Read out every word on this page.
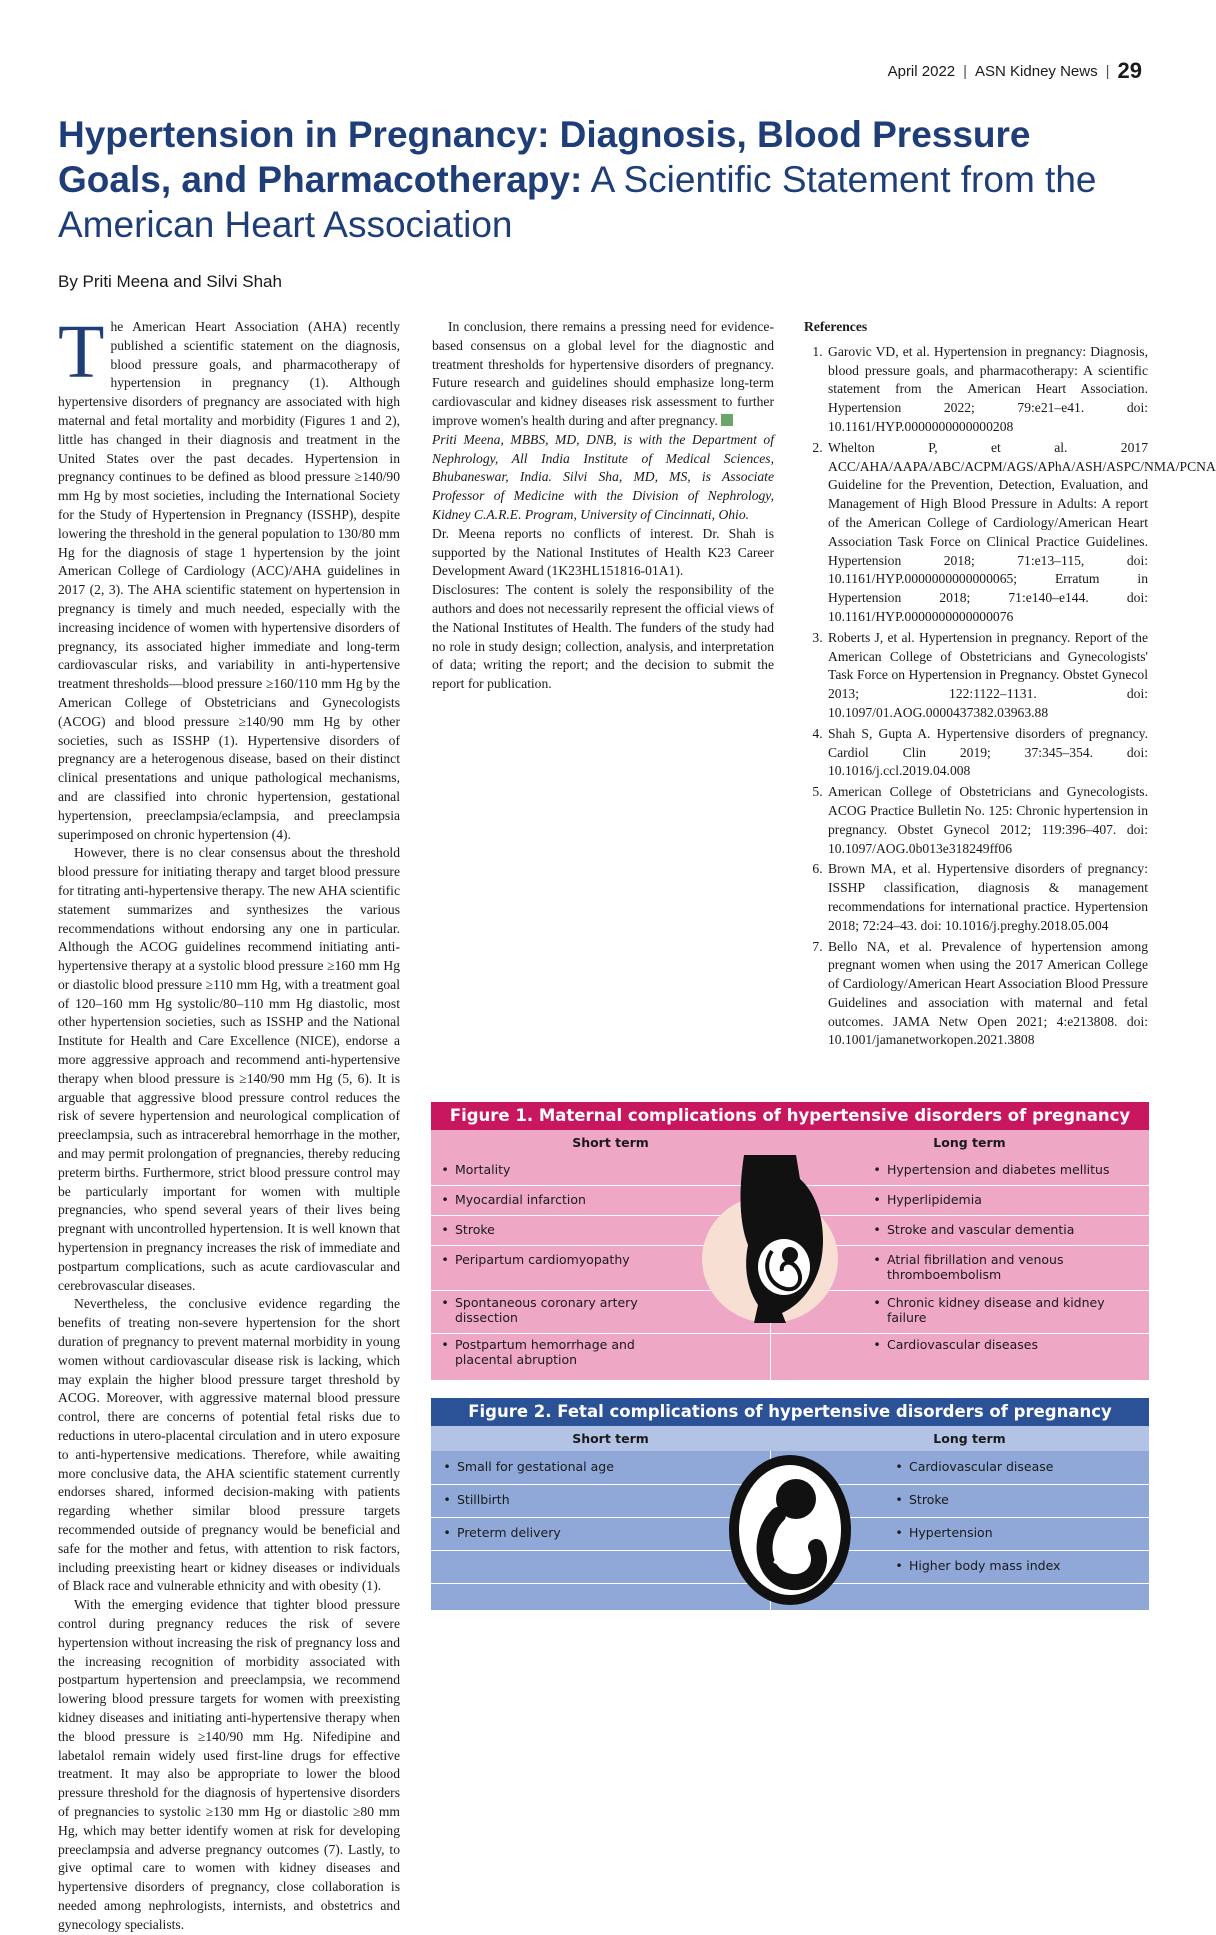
April 2022 | ASN Kidney News | 29
Hypertension in Pregnancy: Diagnosis, Blood Pressure Goals, and Pharmacotherapy: A Scientific Statement from the American Heart Association
By Priti Meena and Silvi Shah

The American Heart Association (AHA) recently published a scientific statement on the diagnosis, blood pressure goals, and pharmacotherapy of hypertension in pregnancy (1). Although hypertensive disorders of pregnancy are associated with high maternal and fetal mortality and morbidity (Figures 1 and 2), little has changed in their diagnosis and treatment in the United States over the past decades. Hypertension in pregnancy continues to be defined as blood pressure ≥140/90 mm Hg by most societies, including the International Society for the Study of Hypertension in Pregnancy (ISSHP), despite lowering the threshold in the general population to 130/80 mm Hg for the diagnosis of stage 1 hypertension by the joint American College of Cardiology (ACC)/AHA guidelines in 2017 (2, 3). The AHA scientific statement on hypertension in pregnancy is timely and much needed, especially with the increasing incidence of women with hypertensive disorders of pregnancy, its associated higher immediate and long-term cardiovascular risks, and variability in anti-hypertensive treatment thresholds—blood pressure ≥160/110 mm Hg by the American College of Obstetricians and Gynecologists (ACOG) and blood pressure ≥140/90 mm Hg by other societies, such as ISSHP (1). Hypertensive disorders of pregnancy are a heterogenous disease, based on their distinct clinical presentations and unique pathological mechanisms, and are classified into chronic hypertension, gestational hypertension, preeclampsia/eclampsia, and preeclampsia superimposed on chronic hypertension (4).

However, there is no clear consensus about the threshold blood pressure for initiating therapy and target blood pressure for titrating anti-hypertensive therapy. The new AHA scientific statement summarizes and synthesizes the various recommendations without endorsing any one in particular. Although the ACOG guidelines recommend initiating anti-hypertensive therapy at a systolic blood pressure ≥160 mm Hg or diastolic blood pressure ≥110 mm Hg, with a treatment goal of 120–160 mm Hg systolic/80–110 mm Hg diastolic, most other hypertension societies, such as ISSHP and the National Institute for Health and Care Excellence (NICE), endorse a more aggressive approach and recommend anti-hypertensive therapy when blood pressure is ≥140/90 mm Hg (5, 6). It is arguable that aggressive blood pressure control reduces the risk of severe hypertension and neurological complication of preeclampsia, such as intracerebral hemorrhage in the mother, and may permit prolongation of pregnancies, thereby reducing preterm births. Furthermore, strict blood pressure control may be particularly important for women with multiple pregnancies, who spend several years of their lives being pregnant with uncontrolled hypertension. It is well known that hypertension in pregnancy increases the risk of immediate and postpartum complications, such as acute cardiovascular and cerebrovascular diseases.

Nevertheless, the conclusive evidence regarding the benefits of treating non-severe hypertension for the short duration of pregnancy to prevent maternal morbidity in young women without cardiovascular disease risk is lacking, which may explain the higher blood pressure target threshold by ACOG. Moreover, with aggressive maternal blood pressure control, there are concerns of potential fetal risks due to reductions in utero-placental circulation and in utero exposure to anti-hypertensive medications. Therefore, while awaiting more conclusive data, the AHA scientific statement currently endorses shared, informed decision-making with patients regarding whether similar blood pressure targets recommended outside of pregnancy would be beneficial and safe for the mother and fetus, with attention to risk factors, including preexisting heart or kidney diseases or individuals of Black race and vulnerable ethnicity and with obesity (1).

With the emerging evidence that tighter blood pressure control during pregnancy reduces the risk of severe hypertension without increasing the risk of pregnancy loss and the increasing recognition of morbidity associated with postpartum hypertension and preeclampsia, we recommend lowering blood pressure targets for women with preexisting kidney diseases and initiating anti-hypertensive therapy when the blood pressure is ≥140/90 mm Hg. Nifedipine and labetalol remain widely used first-line drugs for effective treatment. It may also be appropriate to lower the blood pressure threshold for the diagnosis of hypertensive disorders of pregnancies to systolic ≥130 mm Hg or diastolic ≥80 mm Hg, which may better identify women at risk for developing preeclampsia and adverse pregnancy outcomes (7). Lastly, to give optimal care to women with kidney diseases and hypertensive disorders of pregnancy, close collaboration is needed among nephrologists, internists, and obstetrics and gynecology specialists.

In conclusion, there remains a pressing need for evidence-based consensus on a global level for the diagnostic and treatment thresholds for hypertensive disorders of pregnancy. Future research and guidelines should emphasize long-term cardiovascular and kidney diseases risk assessment to further improve women's health during and after pregnancy.

Priti Meena, MBBS, MD, DNB, is with the Department of Nephrology, All India Institute of Medical Sciences, Bhubaneswar, India. Silvi Sha, MD, MS, is Associate Professor of Medicine with the Division of Nephrology, Kidney C.A.R.E. Program, University of Cincinnati, Ohio.

Dr. Meena reports no conflicts of interest. Dr. Shah is supported by the National Institutes of Health K23 Career Development Award (1K23HL151816-01A1).

Disclosures: The content is solely the responsibility of the authors and does not necessarily represent the official views of the National Institutes of Health. The funders of the study had no role in study design; collection, analysis, and interpretation of data; writing the report; and the decision to submit the report for publication.

References
1. Garovic VD, et al. Hypertension in pregnancy: Diagnosis, blood pressure goals, and pharmacotherapy: A scientific statement from the American Heart Association. Hypertension 2022; 79:e21–e41. doi: 10.1161/HYP.0000000000000208
2. Whelton P, et al. 2017 ACC/AHA/AAPA/ABC/ACPM/AGS/APhA/ASH/ASPC/NMA/PCNA Guideline for the Prevention, Detection, Evaluation, and Management of High Blood Pressure in Adults: A report of the American College of Cardiology/American Heart Association Task Force on Clinical Practice Guidelines. Hypertension 2018; 71:e13–115, doi: 10.1161/HYP.0000000000000065; Erratum in Hypertension 2018; 71:e140–e144. doi: 10.1161/HYP.0000000000000076
3. Roberts J, et al. Hypertension in pregnancy. Report of the American College of Obstetricians and Gynecologists' Task Force on Hypertension in Pregnancy. Obstet Gynecol 2013; 122:1122–1131. doi: 10.1097/01.AOG.0000437382.03963.88
4. Shah S, Gupta A. Hypertensive disorders of pregnancy. Cardiol Clin 2019; 37:345–354. doi: 10.1016/j.ccl.2019.04.008
5. American College of Obstetricians and Gynecologists. ACOG Practice Bulletin No. 125: Chronic hypertension in pregnancy. Obstet Gynecol 2012; 119:396–407. doi: 10.1097/AOG.0b013e318249ff06
6. Brown MA, et al. Hypertensive disorders of pregnancy: ISSHP classification, diagnosis & management recommendations for international practice. Hypertension 2018; 72:24–43. doi: 10.1016/j.preghy.2018.05.004
7. Bello NA, et al. Prevalence of hypertension among pregnant women when using the 2017 American College of Cardiology/American Heart Association Blood Pressure Guidelines and association with maternal and fetal outcomes. JAMA Netw Open 2021; 4:e213808. doi: 10.1001/jamanetworkopen.2021.3808
Figure 1. Maternal complications of hypertensive disorders of pregnancy
Short term	Long term
• Mortality
• Myocardial infarction
• Stroke
• Peripartum cardiomyopathy
• Spontaneous coronary artery dissection
• Postpartum hemorrhage and placental abruption
• Hypertension and diabetes mellitus
• Hyperlipidemia
• Stroke and vascular dementia
• Atrial fibrillation and venous thromboembolism
• Chronic kidney disease and kidney failure
• Cardiovascular diseases
Figure 2. Fetal complications of hypertensive disorders of pregnancy
Short term	Long term
• Small for gestational age
• Stillbirth
• Preterm delivery
• Cardiovascular disease
• Stroke
• Hypertension
• Higher body mass index
